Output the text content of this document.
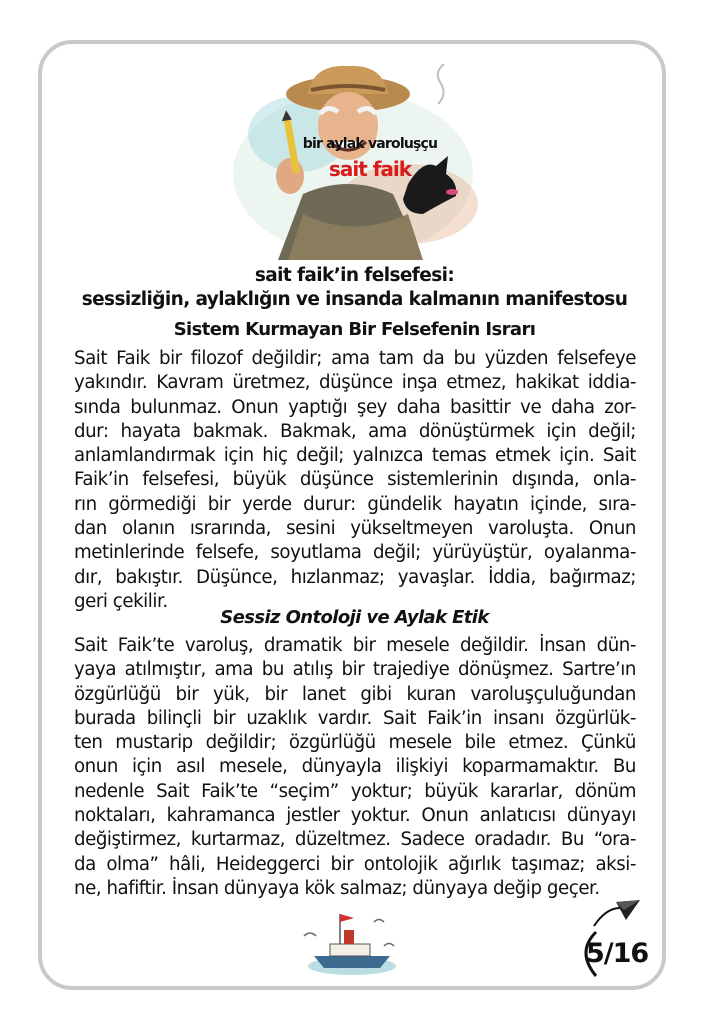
bir aylak varoluşçu
sait faik
sait faik’in felsefesi:
sessizliğin, aylaklığın ve insanda kalmanın manifestosu
Sistem Kurmayan Bir Felsefenin Israrı

Sait Faik bir filozof değildir; ama tam da bu yüzden felsefeye
yakındır. Kavram üretmez, düşünce inşa etmez, hakikat iddia-
sında bulunmaz. Onun yaptığı şey daha basittir ve daha zor-
dur: hayata bakmak. Bakmak, ama dönüştürmek için değil;
anlamlandırmak için hiç değil; yalnızca temas etmek için. Sait
Faik’in felsefesi, büyük düşünce sistemlerinin dışında, onla-
rın görmediği bir yerde durur: gündelik hayatın içinde, sıra-
dan olanın ısrarında, sesini yükseltmeyen varoluşta. Onun
metinlerinde felsefe, soyutlama değil; yürüyüştür, oyalanma-
dır, bakıştır. Düşünce, hızlanmaz; yavaşlar. İddia, bağırmaz;
geri çekilir.

Sessiz Ontoloji ve Aylak Etik

Sait Faik’te varoluş, dramatik bir mesele değildir. İnsan dün-
yaya atılmıştır, ama bu atılış bir trajediye dönüşmez. Sartre’ın
özgürlüğü bir yük, bir lanet gibi kuran varoluşçuluğundan
burada bilinçli bir uzaklık vardır. Sait Faik’in insanı özgürlük-
ten mustarip değildir; özgürlüğü mesele bile etmez. Çünkü
onun için asıl mesele, dünyayla ilişkiyi koparmamaktır. Bu
nedenle Sait Faik’te “seçim” yoktur; büyük kararlar, dönüm
noktaları, kahramanca jestler yoktur. Onun anlatıcısı dünyayı
değiştirmez, kurtarmaz, düzeltmez. Sadece oradadır. Bu “ora-
da olma” hâli, Heideggerci bir ontolojik ağırlık taşımaz; aksi-
ne, hafiftir. İnsan dünyaya kök salmaz; dünyaya değip geçer.

5/16
